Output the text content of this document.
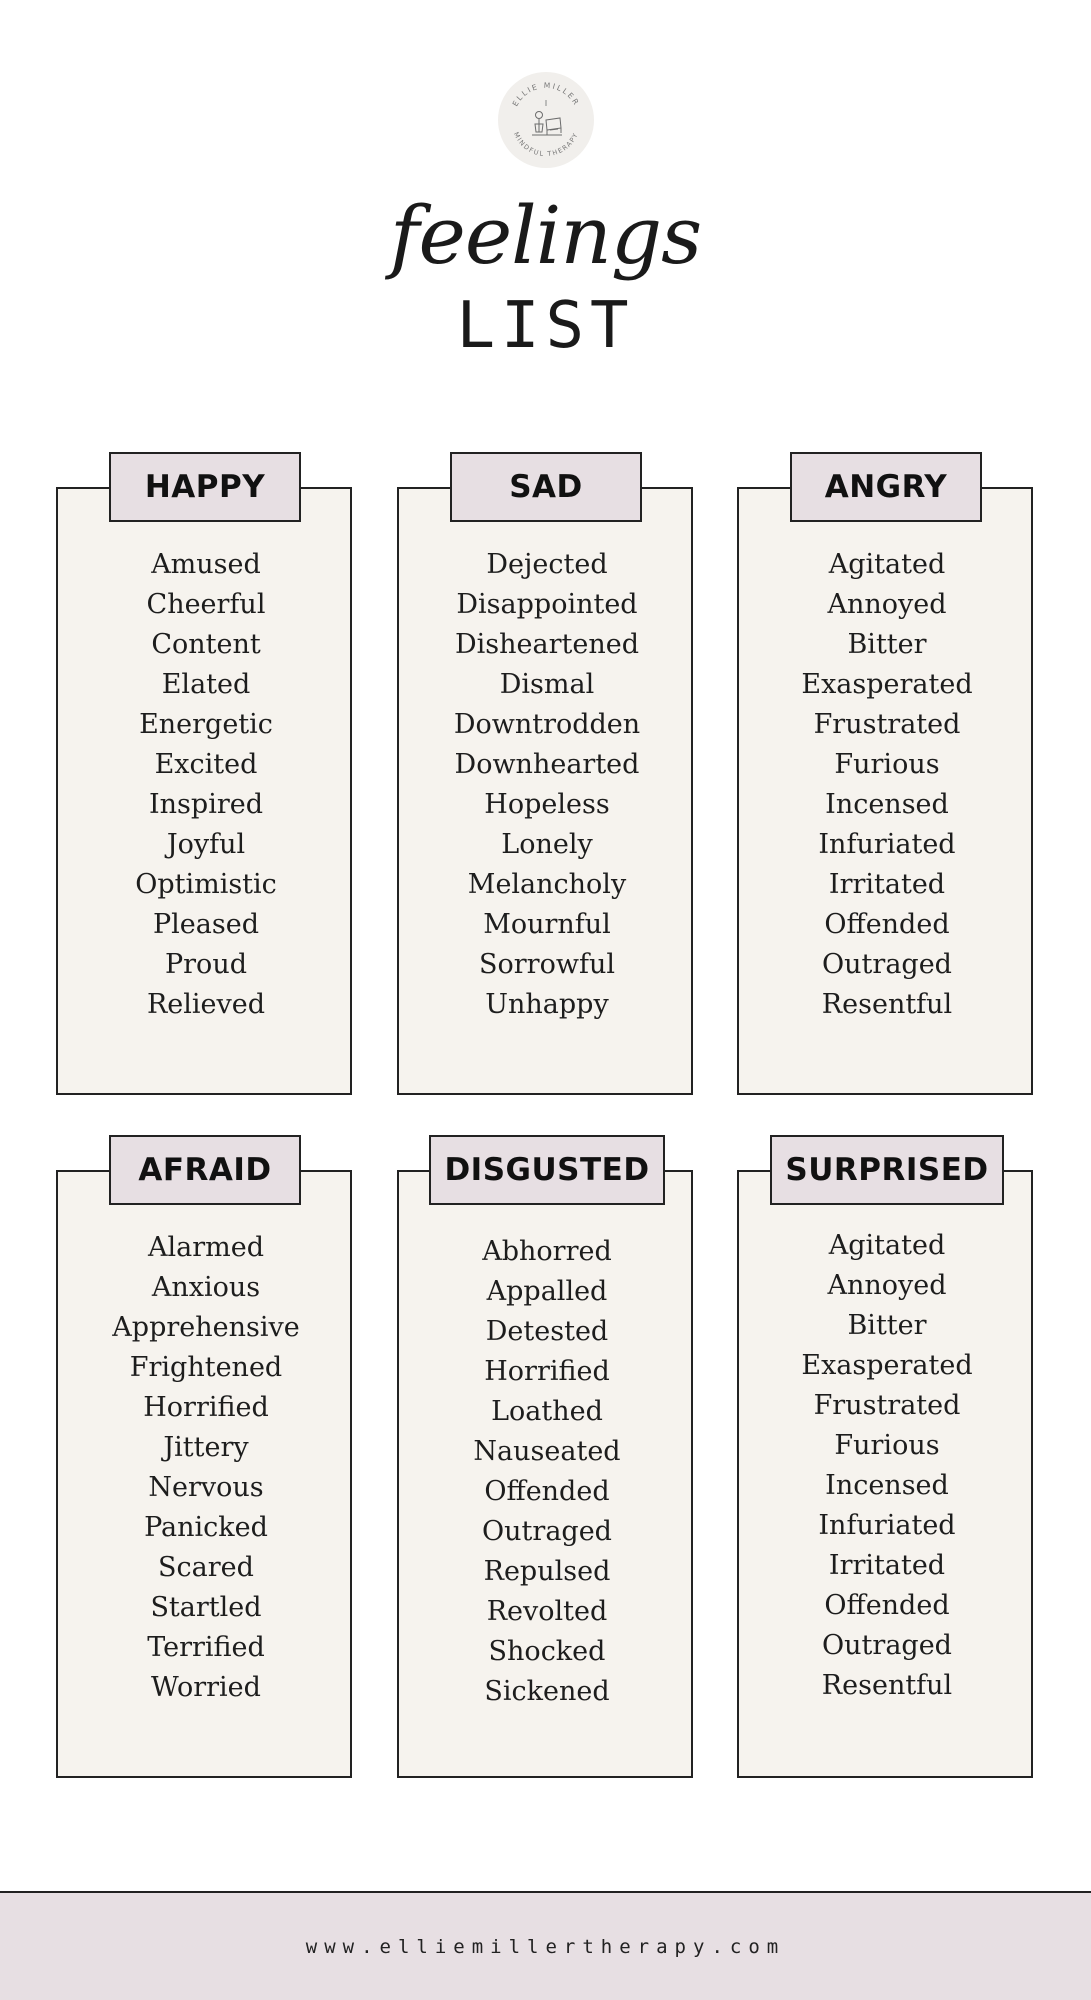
ELLIE MILLER
MINDFUL THERAPY
feelings
LIST
HAPPY
Amused
Cheerful
Content
Elated
Energetic
Excited
Inspired
Joyful
Optimistic
Pleased
Proud
Relieved
SAD
Dejected
Disappointed
Disheartened
Dismal
Downtrodden
Downhearted
Hopeless
Lonely
Melancholy
Mournful
Sorrowful
Unhappy
ANGRY
Agitated
Annoyed
Bitter
Exasperated
Frustrated
Furious
Incensed
Infuriated
Irritated
Offended
Outraged
Resentful
AFRAID
Alarmed
Anxious
Apprehensive
Frightened
Horrified
Jittery
Nervous
Panicked
Scared
Startled
Terrified
Worried
DISGUSTED
Abhorred
Appalled
Detested
Horrified
Loathed
Nauseated
Offended
Outraged
Repulsed
Revolted
Shocked
Sickened
SURPRISED
Agitated
Annoyed
Bitter
Exasperated
Frustrated
Furious
Incensed
Infuriated
Irritated
Offended
Outraged
Resentful
www.elliemillertherapy.com
